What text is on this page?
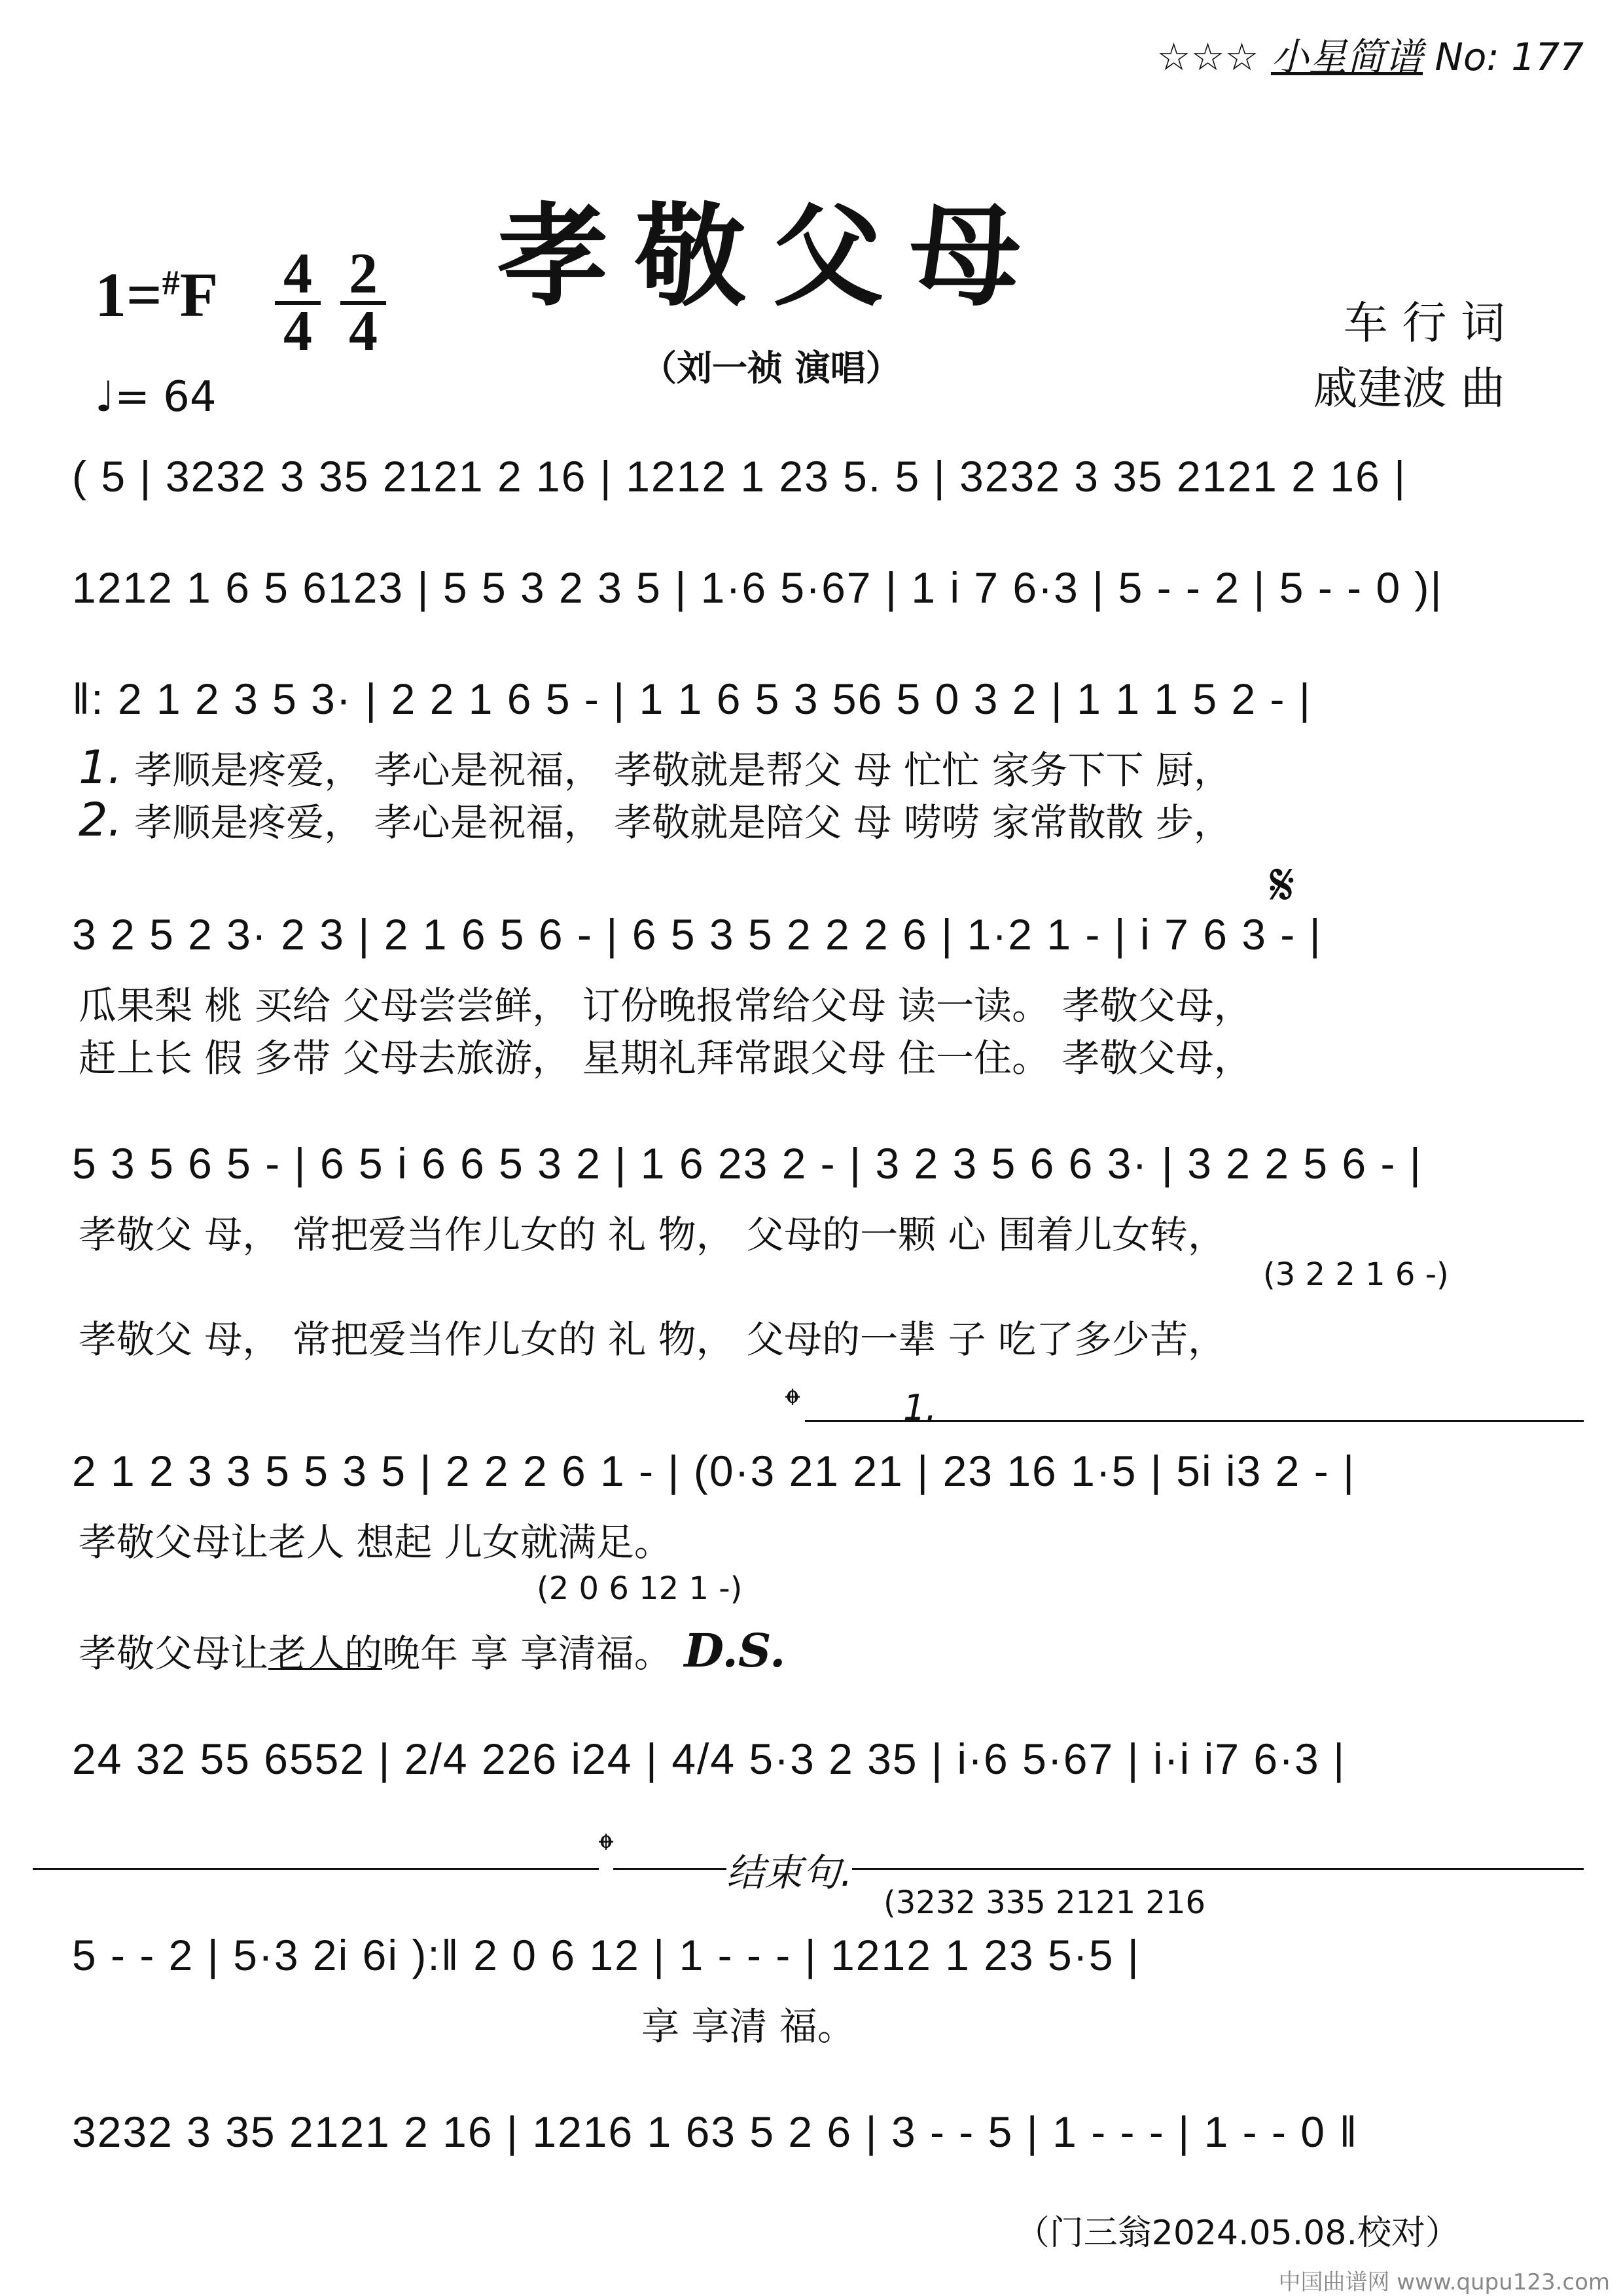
☆☆☆ 小星简谱 No: 177
孝敬父母
（刘一祯 演唱）
1=#F 4
4
2
4
♩= 64
车 行 词
戚建波 曲
( 5 | 3232 3 35 2121 2 16 | 1212 1 23 5. 5 | 3232 3 35 2121 2 16 |
1212 1 6 5 6123 | 5 5 3 2 3 5 | 1·6 5·67 | 1 i 7 6·3 | 5 - - 2 | 5 - - 0 )|
‖: 2 1 2 3 5 3· | 2 2 1 6 5 - | 1 1 6 5 3 56 5 0 3 2 | 1 1 1 5 2 - |
1. 孝顺是疼爱， 孝心是祝福， 孝敬就是帮父 母 忙忙 家务下下 厨，
2. 孝顺是疼爱， 孝心是祝福， 孝敬就是陪父 母 唠唠 家常散散 步，
𝄋
3 2 5 2 3· 2 3 | 2 1 6 5 6 - | 6 5 3 5 2 2 2 6 | 1·2 1 - | i 7 6 3 - |
瓜果梨 桃 买给 父母尝尝鲜， 订份晚报常给父母 读一读。 孝敬父母，
赶上长 假 多带 父母去旅游， 星期礼拜常跟父母 住一住。 孝敬父母，
5 3 5 6 5 - | 6 5 i 6 6 5 3 2 | 1 6 23 2 - | 3 2 3 5 6 6 3· | 3 2 2 5 6 - |
孝敬父 母， 常把爱当作儿女的 礼 物， 父母的一颗 心 围着儿女转，
(3 2 2 1 6 -)
孝敬父 母， 常把爱当作儿女的 礼 物， 父母的一辈 子 吃了多少苦，
𝄌	1.
2 1 2 3 3 5 5 3 5 | 2 2 2 6 1 - | (0·3 21 21 | 23 16 1·5 | 5i i3 2 - |
孝敬父母让老人 想起 儿女就满足。
(2 0 6 12 1 -)
孝敬父母让老人的晚年 享 享清福。 D.S.
24 32 55 6552 | 2/4 226 i24 | 4/4 5·3 2 35 | i·6 5·67 | i·i i7 6·3 |
𝄌	结束句.
(3232 335 2121 216
5 - - 2 | 5·3 2i 6i ):‖ 2 0 6 12 | 1 - - - | 1212 1 23 5·5 |
享 享清 福。
3232 3 35 2121 2 16 | 1216 1 63 5 2 6 | 3 - - 5 | 1 - - - | 1 - - 0 ‖
（门三翁2024.05.08.校对）
中国曲谱网 www.qupu123.com
